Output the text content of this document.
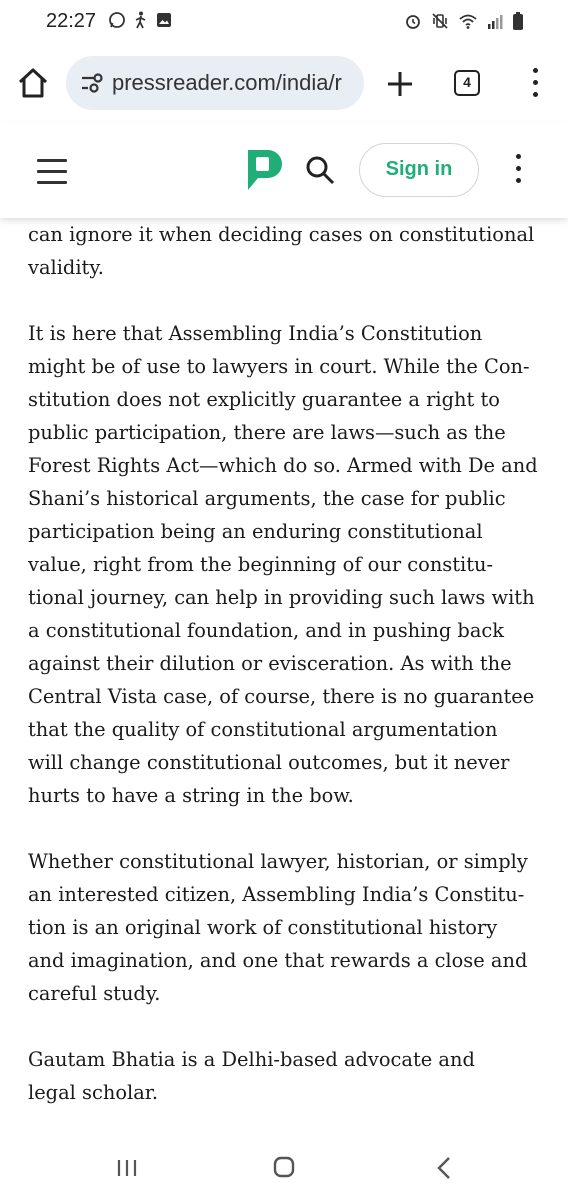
22:27
pressreader.com/india/r	4
Sign in

can ignore it when deciding cases on constitutional
validity.

It is here that Assembling India’s Constitution
might be of use to lawyers in court. While the Con-
stitution does not explicitly guarantee a right to
public participation, there are laws—such as the
Forest Rights Act—which do so. Armed with De and
Shani’s historical arguments, the case for public
participation being an enduring constitutional
value, right from the beginning of our constitu-
tional journey, can help in providing such laws with
a constitutional foundation, and in pushing back
against their dilution or evisceration. As with the
Central Vista case, of course, there is no guarantee
that the quality of constitutional argumentation
will change constitutional outcomes, but it never
hurts to have a string in the bow.

Whether constitutional lawyer, historian, or simply
an interested citizen, Assembling India’s Constitu-
tion is an original work of constitutional history
and imagination, and one that rewards a close and
careful study.

Gautam Bhatia is a Delhi-based advocate and
legal scholar.
